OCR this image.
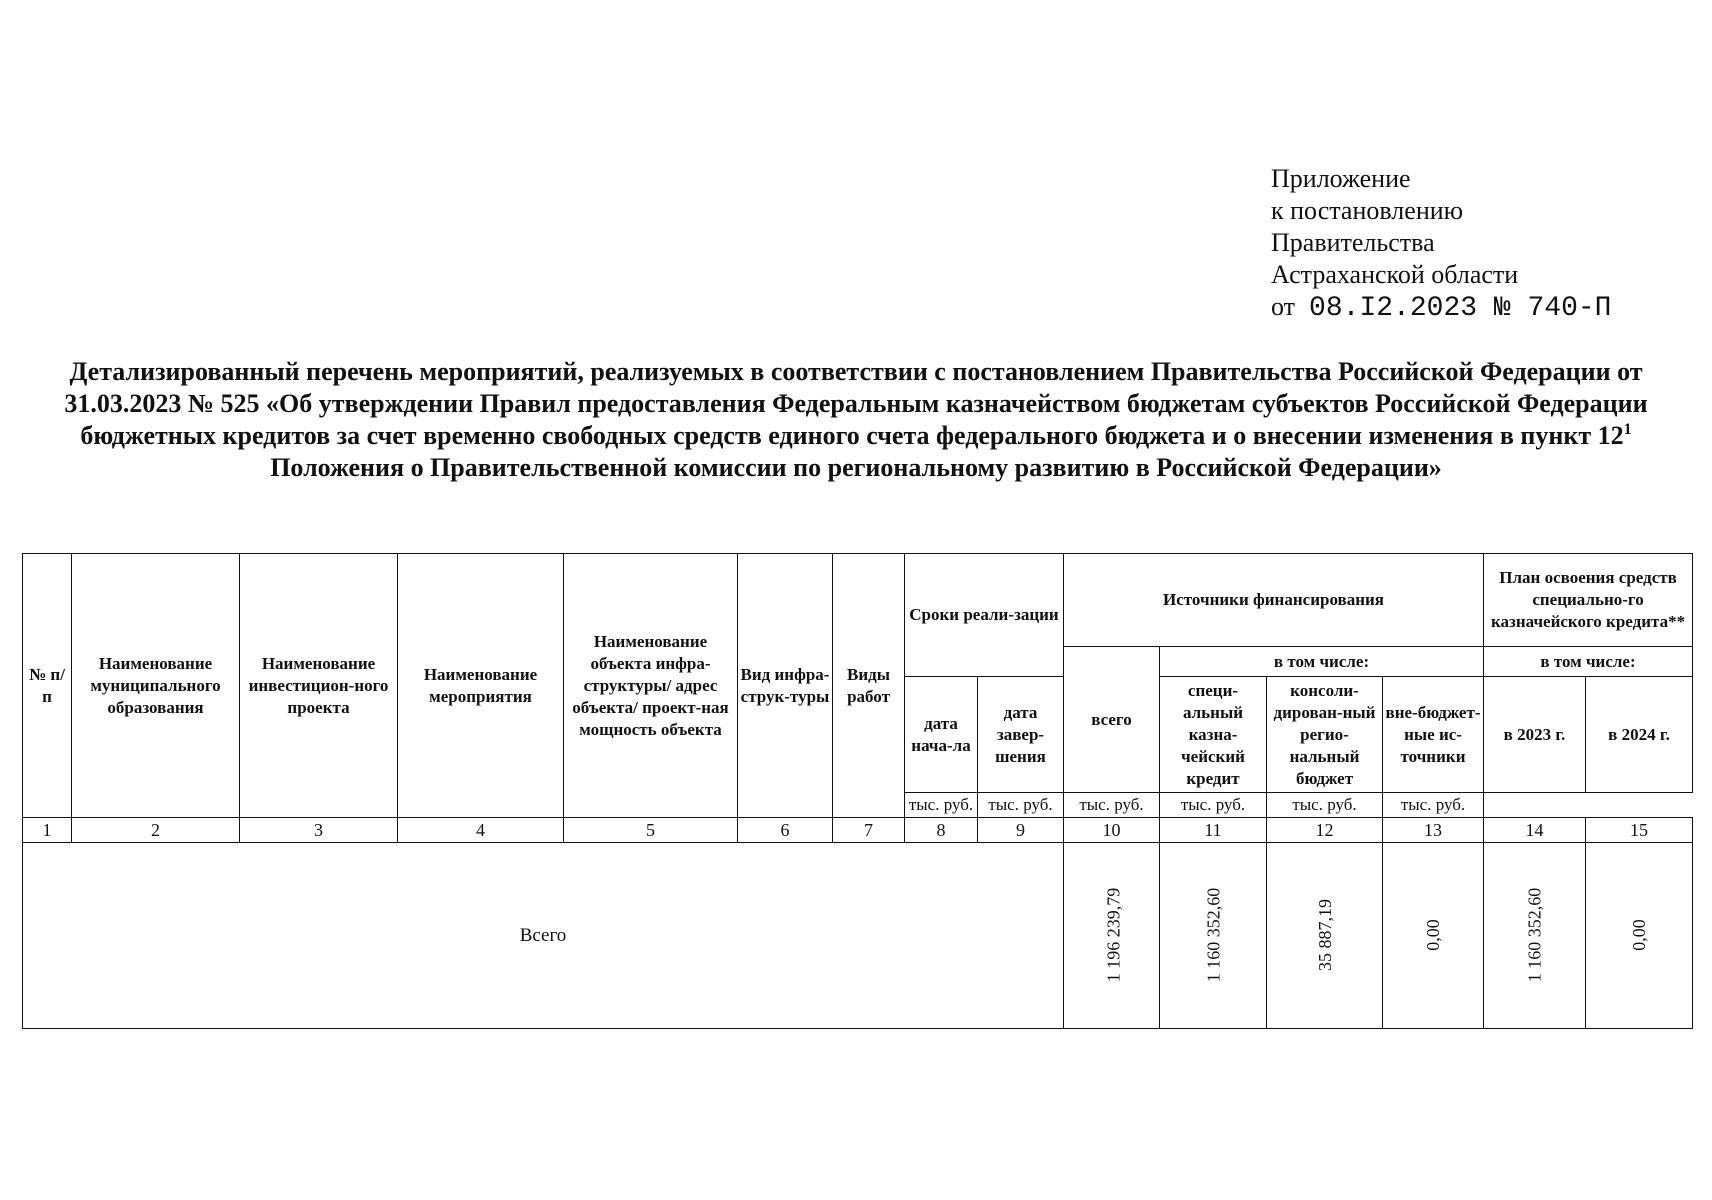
Приложение
к постановлению
Правительства
Астраханской области
от 08.I2.2023 № 740-П
Детализированный перечень мероприятий, реализуемых в соответствии с постановлением Правительства Российской Федерации от 31.03.2023 № 525 «Об утверждении Правил предоставления Федеральным казначейством бюджетам субъектов Российской Федерации бюджетных кредитов за счет временно свободных средств единого счета федерального бюджета и о внесении изменения в пункт $12^1$ Положения о Правительственной комиссии по региональному развитию в Российской Федерации»
№ п/п	Наименование муниципального образования	Наименование инвестицион-ного проекта	Наименование мероприятия	Наименование объекта инфра-структуры/ адрес объекта/ проект-ная мощность объекта	Вид инфра-струк-туры	Виды работ	Сроки реали-зации		Источники финансирования				План освоения средств специально-го казначейского кредита**	
									всего	в том числе:			в том числе:	
							дата нача-ла	дата завер-шения		специ-альный казна-чейский кредит	консоли-дирован-ный регио-нальный бюджет	вне-бюджет-ные ис-точники	в 2023 г.	в 2024 г.
							тыс. руб.	тыс. руб.	тыс. руб.	тыс. руб.	тыс. руб.	тыс. руб.		
1	2	3	4	5	6	7	8	9	10	11	12	13	14	15
Всего									1 196 239,79	1 160 352,60	35 887,19	0,00	1 160 352,60	0,00
